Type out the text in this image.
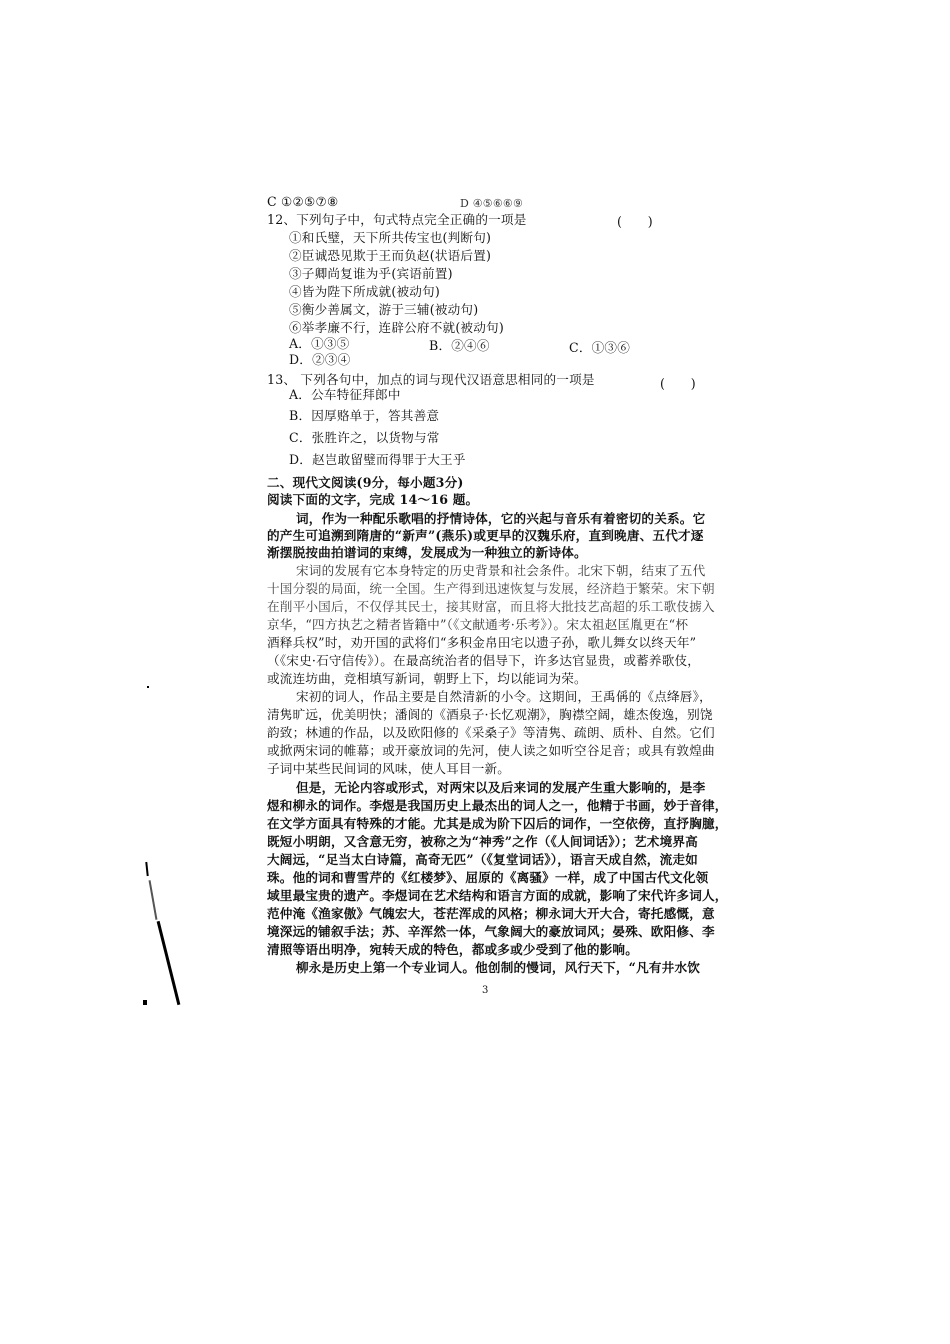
C ①②⑤⑦⑧	D ④⑤⑥⑥⑨
12、下列句子中，句式特点完全正确的一项是	(　　)
①和氏璧，天下所共传宝也(判断句)
②臣诚恐见欺于王而负赵(状语后置)
③子卿尚复谁为乎(宾语前置)
④皆为陛下所成就(被动句)
⑤衡少善属文，游于三辅(被动句)
⑥举孝廉不行，连辟公府不就(被动句)
A．①③⑤	B．②④⑥	C．①③⑥
D．②③④
13、 下列各句中，加点的词与现代汉语意思相同的一项是	(　　)
A．公车特征拜郎中
B．因厚赂单于，答其善意
C．张胜许之，以货物与常
D．赵岂敢留璧而得罪于大王乎
二、现代文阅读(9分，每小题3分)
阅读下面的文字，完成 14～16 题。
词，作为一种配乐歌唱的抒情诗体，它的兴起与音乐有着密切的关系。它
的产生可追溯到隋唐的“新声”(燕乐)或更早的汉魏乐府，直到晚唐、五代才逐
渐摆脱按曲拍谱词的束缚，发展成为一种独立的新诗体。
宋词的发展有它本身特定的历史背景和社会条件。北宋下朝，结束了五代
十国分裂的局面，统一全国。生产得到迅速恢复与发展，经济趋于繁荣。宋下朝
在削平小国后，不仅俘其民士，接其财富，而且将大批技艺高超的乐工歌伎掳入
京华，“四方执艺之精者皆籍中”（《文献通考·乐考》）。宋太祖赵匡胤更在“杯
酒释兵权”时，劝开国的武将们“多积金帛田宅以遗子孙，歌儿舞女以终天年”
（《宋史·石守信传》）。在最高统治者的倡导下，许多达官显贵，或蓄养歌伎，
或流连坊曲，竞相填写新词，朝野上下，均以能词为荣。
宋初的词人，作品主要是自然清新的小令。这期间，王禹偁的《点绛唇》，
清隽旷远，优美明快；潘阆的《酒泉子·长忆观潮》，胸襟空阔，雄杰俊逸，别饶
韵致；林逋的作品，以及欧阳修的《采桑子》等清隽、疏朗、质朴、自然。它们
或掀两宋词的帷幕；或开豪放词的先河，使人读之如听空谷足音；或具有敦煌曲
子词中某些民间词的风味，使人耳目一新。
但是，无论内容或形式，对两宋以及后来词的发展产生重大影响的，是李
煜和柳永的词作。李煜是我国历史上最杰出的词人之一，他精于书画，妙于音律，
在文学方面具有特殊的才能。尤其是成为阶下囚后的词作，一空依傍，直抒胸臆，
既短小明朗，又含意无穷，被称之为“神秀”之作（《人间词话》）；艺术境界高
大阔远，“足当太白诗篇，高奇无匹”（《复堂词话》），语言天成自然，流走如
珠。他的词和曹雪芹的《红楼梦》、屈原的《离骚》一样，成了中国古代文化领
域里最宝贵的遗产。李煜词在艺术结构和语言方面的成就，影响了宋代许多词人，
范仲淹《渔家傲》气魄宏大，苍茫浑成的风格；柳永词大开大合，寄托感慨，意
境深远的铺叙手法；苏、辛浑然一体，气象阔大的豪放词风；晏殊、欧阳修、李
清照等语出明净，宛转天成的特色，都或多或少受到了他的影响。
柳永是历史上第一个专业词人。他创制的慢词，风行天下，“凡有井水饮
3
